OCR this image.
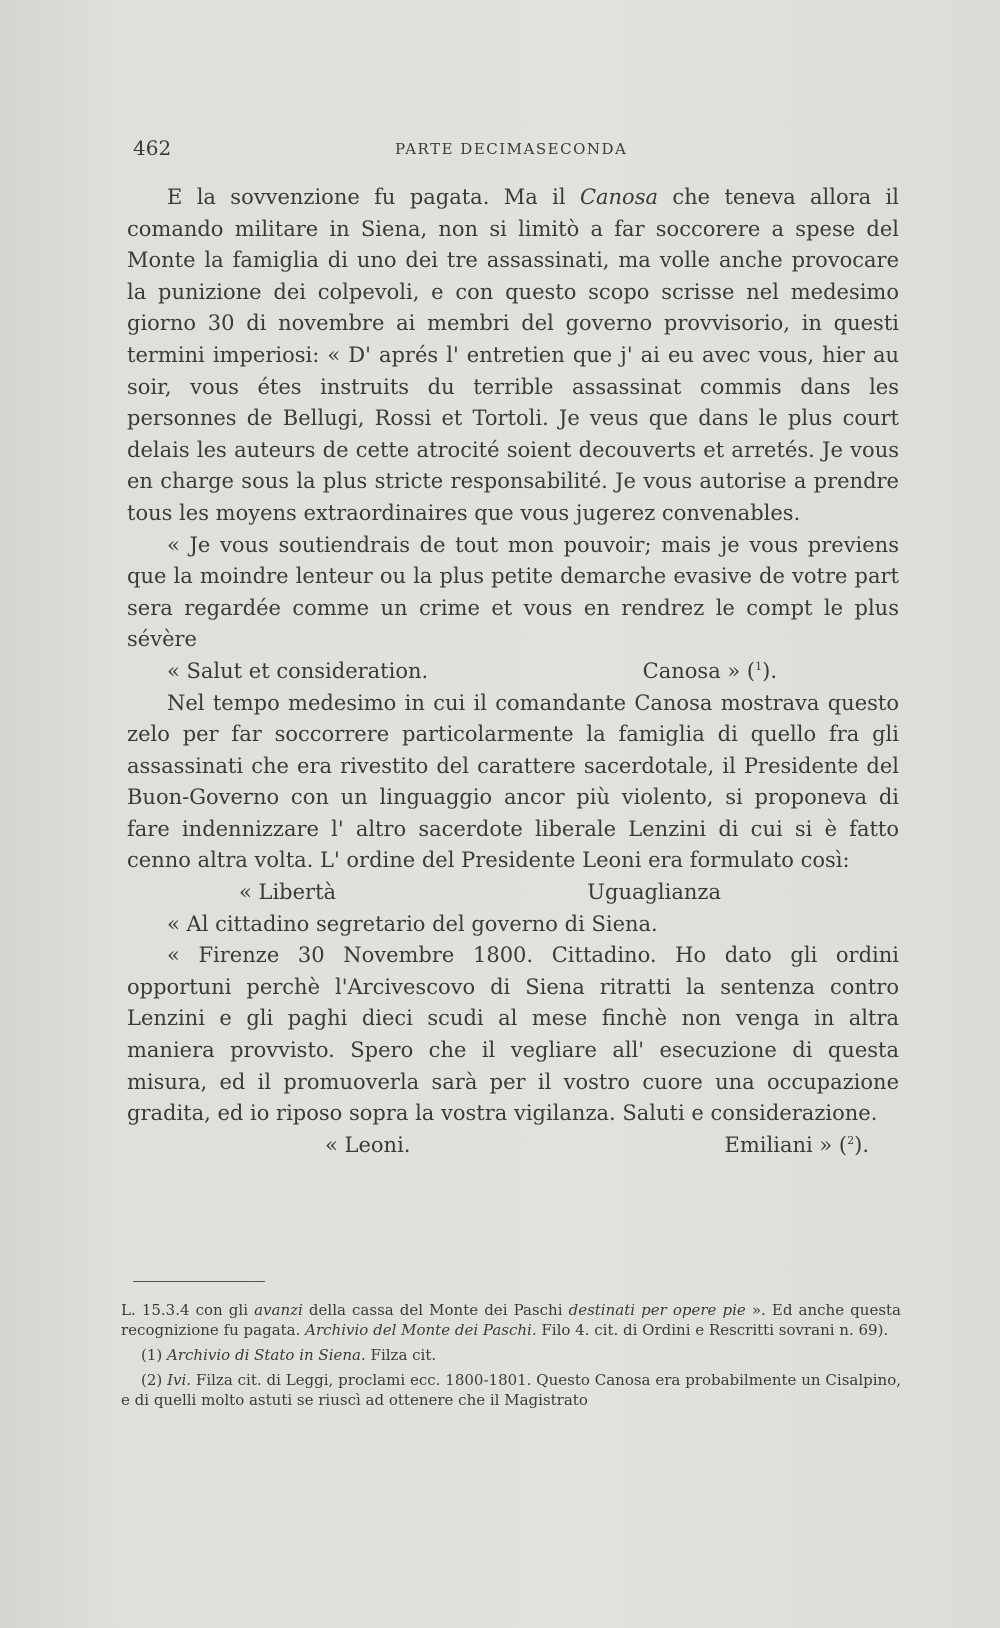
462	PARTE DECIMASECONDA

E la sovvenzione fu pagata. Ma il Canosa che teneva allora il comando militare in Siena, non si limitò a far soccorere a spese del Monte la famiglia di uno dei tre assassinati, ma volle anche provocare la punizione dei colpevoli, e con questo scopo scrisse nel medesimo giorno 30 di novembre ai membri del governo provvisorio, in questi termini imperiosi: « D' aprés l' entretien que j' ai eu avec vous, hier au soir, vous étes instruits du terrible assassinat commis dans les personnes de Bellugi, Rossi et Tortoli. Je veus que dans le plus court delais les auteurs de cette atrocité soient decouverts et arretés. Je vous en charge sous la plus stricte responsabilité. Je vous autorise a prendre tous les moyens extraordinaires que vous jugerez convenables.

« Je vous soutiendrais de tout mon pouvoir; mais je vous previens que la moindre lenteur ou la plus petite demarche evasive de votre part sera regardée comme un crime et vous en rendrez le compt le plus sévère

« Salut et consideration.	Canosa » ($^1$).

Nel tempo medesimo in cui il comandante Canosa mostrava questo zelo per far soccorrere particolarmente la famiglia di quello fra gli assassinati che era rivestito del carattere sacerdotale, il Presidente del Buon-Governo con un linguaggio ancor più violento, si proponeva di fare indennizzare l' altro sacerdote liberale Lenzini di cui si è fatto cenno altra volta. L' ordine del Presidente Leoni era formulato così:

« Libertà	Uguaglianza

« Al cittadino segretario del governo di Siena.

« Firenze 30 Novembre 1800. Cittadino. Ho dato gli ordini opportuni perchè l'Arcivescovo di Siena ritratti la sentenza contro Lenzini e gli paghi dieci scudi al mese finchè non venga in altra maniera provvisto. Spero che il vegliare all' esecuzione di questa misura, ed il promuoverla sarà per il vostro cuore una occupazione gradita, ed io riposo sopra la vostra vigilanza. Saluti e considerazione.

« Leoni.	Emiliani » ($^2$).

L. 15.3.4 con gli avanzi della cassa del Monte dei Paschi destinati per opere pie ». Ed anche questa recognizione fu pagata. Archivio del Monte dei Paschi. Filo 4. cit. di Ordini e Rescritti sovrani n. 69).

(1) Archivio di Stato in Siena. Filza cit.

(2) Ivi. Filza cit. di Leggi, proclami ecc. 1800-1801. Questo Canosa era probabilmente un Cisalpino, e di quelli molto astuti se riuscì ad ottenere che il Magistrato
